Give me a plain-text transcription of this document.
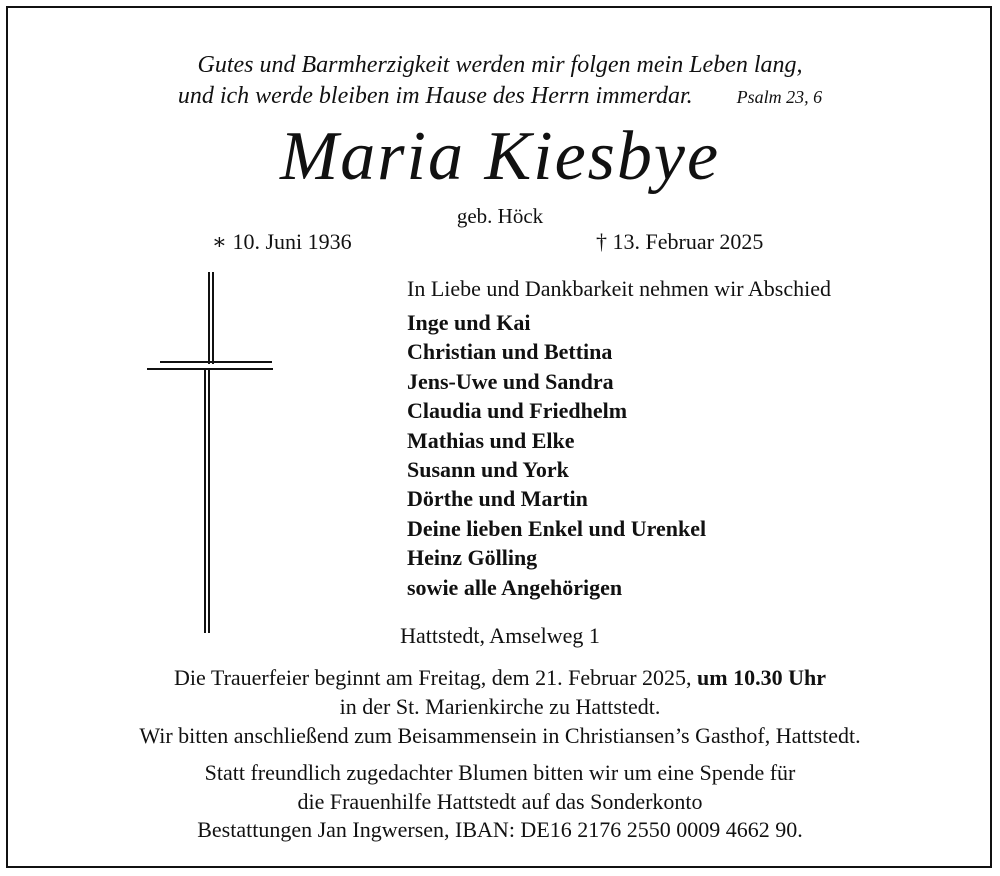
Gutes und Barmherzigkeit werden mir folgen mein Leben lang,
und ich werde bleiben im Hause des Herrn immerdar. Psalm 23, 6
Maria Kiesbye
geb. Höck
∗ 10. Juni 1936	† 13. Februar 2025
In Liebe und Dankbarkeit nehmen wir Abschied
Inge und Kai
Christian und Bettina
Jens-Uwe und Sandra
Claudia und Friedhelm
Mathias und Elke
Susann und York
Dörthe und Martin
Deine lieben Enkel und Urenkel
Heinz Gölling
sowie alle Angehörigen
Hattstedt, Amselweg 1
Die Trauerfeier beginnt am Freitag, dem 21. Februar 2025, um 10.30 Uhr
in der St. Marienkirche zu Hattstedt.
Wir bitten anschließend zum Beisammensein in Christiansen’s Gasthof, Hattstedt.
Statt freundlich zugedachter Blumen bitten wir um eine Spende für
die Frauenhilfe Hattstedt auf das Sonderkonto
Bestattungen Jan Ingwersen, IBAN: DE16 2176 2550 0009 4662 90.
